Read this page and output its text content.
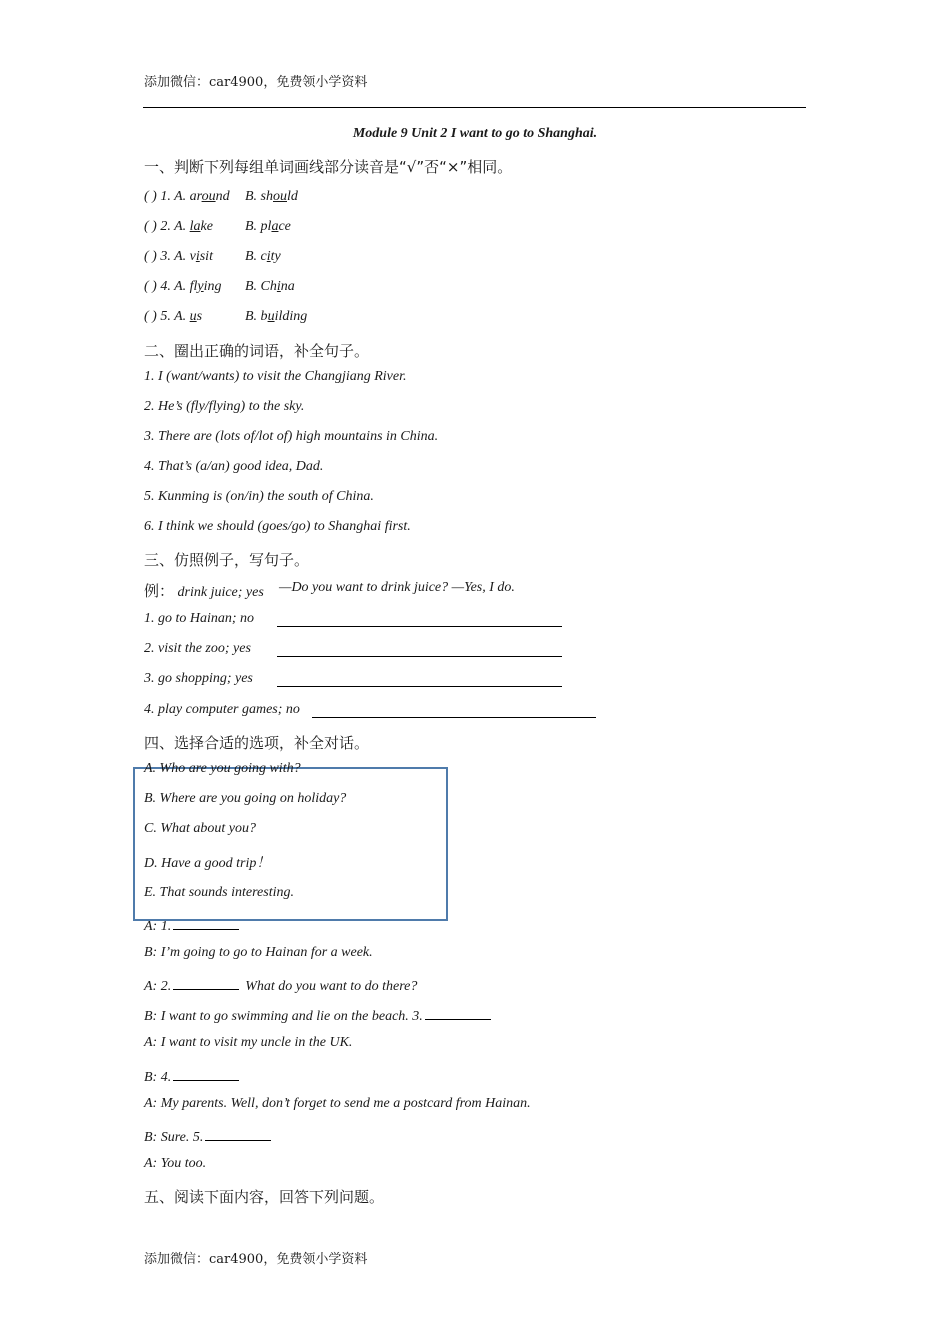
添加微信：car4900，免费领小学资料
Module 9 Unit 2 I want to go to Shanghai.
一、判断下列每组单词画线部分读音是“√”否“×”相同。
( ) 1. A. around B. should
( ) 2. A. lake B. place
( ) 3. A. visit B. city
( ) 4. A. flying B. China
( ) 5. A. us	B. building
二、圈出正确的词语，补全句子。
1. I (want/wants) to visit the Changjiang River.
2. He’s (fly/flying) to the sky.
3. There are (lots of/lot of) high mountains in China.
4. That’s (a/an) good idea, Dad.
5. Kunming is (on/in) the south of China.
6. I think we should (goes/go) to Shanghai first.
三、仿照例子，写句子。
例： drink juice; yes —Do you want to drink juice? —Yes, I do.
1. go to Hainan; no
2. visit the zoo; yes
3. go shopping; yes
4. play computer games; no
四、选择合适的选项，补全对话。
A. Who are you going with?
B. Where are you going on holiday?
C. What about you?
D. Have a good trip！
E. That sounds interesting.
A: 1.
B: I’m going to go to Hainan for a week.
A: 2.	What do you want to do there?
B: I want to go swimming and lie on the beach. 3.
A: I want to visit my uncle in the UK.
B: 4.
A: My parents. Well, don’t forget to send me a postcard from Hainan.
B: Sure. 5.
A: You too.
五、阅读下面内容，回答下列问题。
添加微信：car4900，免费领小学资料
